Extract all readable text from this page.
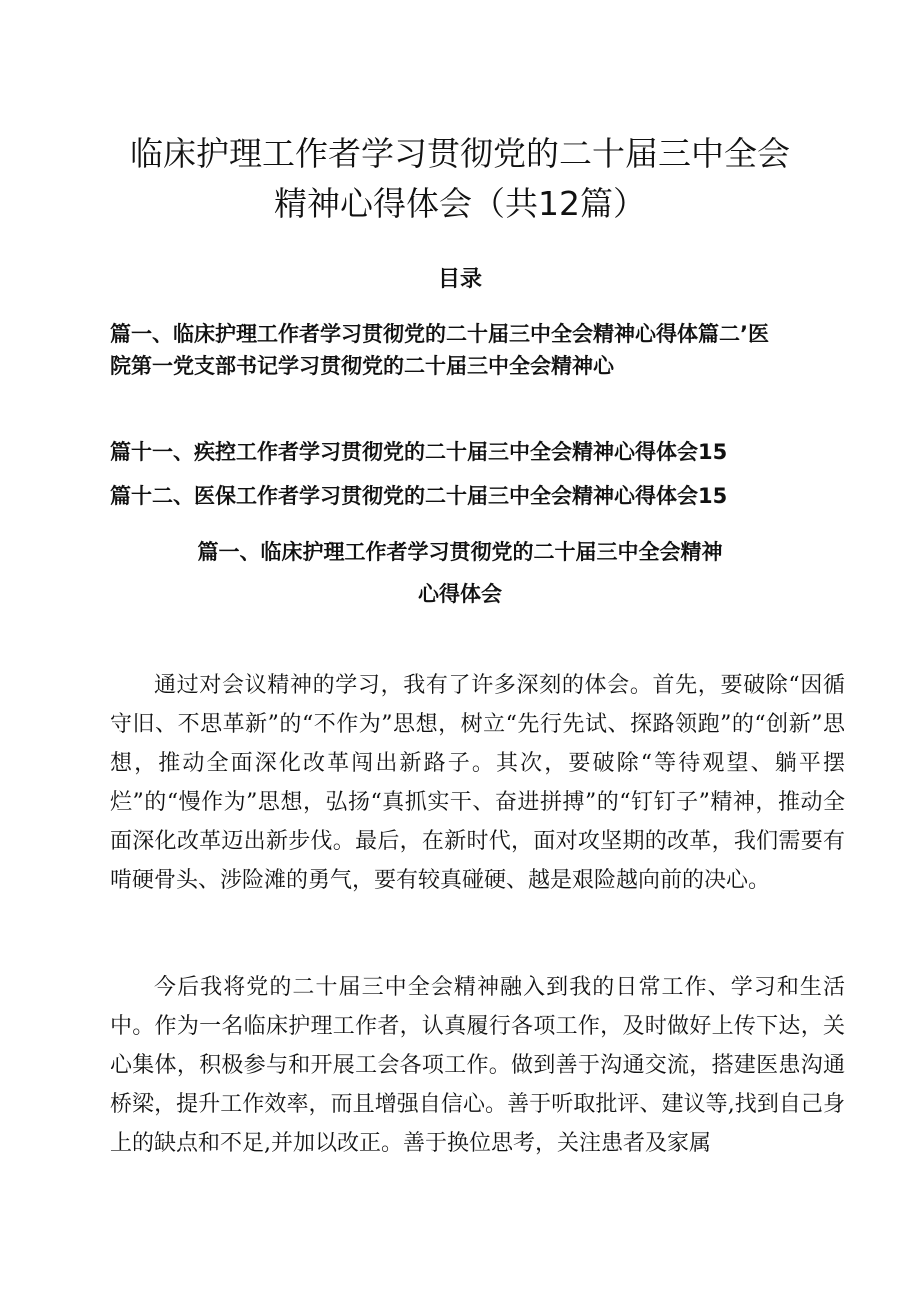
临床护理工作者学习贯彻党的二十届三中全会
精神心得体会（共12篇）
目录
篇一、临床护理工作者学习贯彻党的二十届三中全会精神心得体篇二’医
院第一党支部书记学习贯彻党的二十届三中全会精神心
篇十一、疾控工作者学习贯彻党的二十届三中全会精神心得体会15
篇十二、医保工作者学习贯彻党的二十届三中全会精神心得体会15
篇一、临床护理工作者学习贯彻党的二十届三中全会精神
心得体会

通过对会议精神的学习，我有了许多深刻的体会。首先，要破除“因循守旧、不思革新”的“不作为”思想，树立“先行先试、探路领跑”的“创新”思想，推动全面深化改革闯出新路子。其次，要破除“等待观望、躺平摆烂”的“慢作为”思想，弘扬“真抓实干、奋进拼搏”的“钉钉子”精神，推动全面深化改革迈出新步伐。最后，在新时代，面对攻坚期的改革，我们需要有啃硬骨头、涉险滩的勇气，要有较真碰硬、越是艰险越向前的决心。

今后我将党的二十届三中全会精神融入到我的日常工作、学习和生活中。作为一名临床护理工作者，认真履行各项工作，及时做好上传下达，关心集体，积极参与和开展工会各项工作。做到善于沟通交流，搭建医患沟通桥梁，提升工作效率，而且增强自信心。善于听取批评、建议等,找到自己身上的缺点和不足,并加以改正。善于换位思考，关注患者及家属
